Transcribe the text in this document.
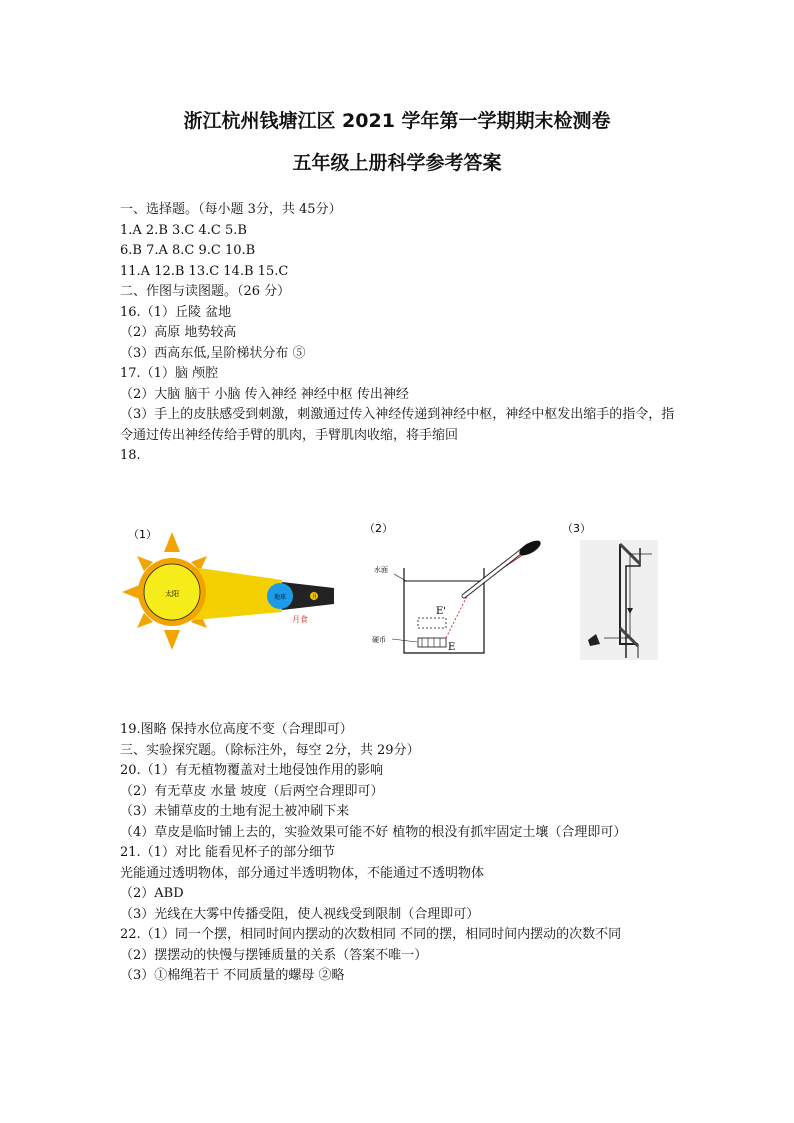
浙江杭州钱塘江区 2021 学年第一学期期末检测卷
五年级上册科学参考答案
一、选择题。（每小题 3分，共 45分）
1.A 2.B 3.C 4.C 5.B
6.B 7.A 8.C 9.C 10.B
11.A 12.B 13.C 14.B 15.C
二、作图与读图题。（26 分）
16.（1）丘陵 盆地
（2）高原 地势较高
（3）西高东低,呈阶梯状分布 ⑤
17.（1）脑 颅腔
（2）大脑 脑干 小脑 传入神经 神经中枢 传出神经
（3）手上的皮肤感受到刺激，刺激通过传入神经传递到神经中枢，神经中枢发出缩手的指令，指令通过传出神经传给手臂的肌肉，手臂肌肉收缩，将手缩回
18.
（1）
太阳	地球	月
月食
（2）
水面
硬币
E'
E
（3）
19.图略 保持水位高度不变（合理即可）
三、实验探究题。（除标注外，每空 2分，共 29分）
20.（1）有无植物覆盖对土地侵蚀作用的影响
（2）有无草皮 水量 坡度（后两空合理即可）
（3）未铺草皮的土地有泥土被冲刷下来
（4）草皮是临时铺上去的，实验效果可能不好 植物的根没有抓牢固定土壤（合理即可）
21.（1）对比 能看见杯子的部分细节
光能通过透明物体，部分通过半透明物体，不能通过不透明物体
（2）ABD
（3）光线在大雾中传播受阻，使人视线受到限制（合理即可）
22.（1）同一个摆，相同时间内摆动的次数相同 不同的摆，相同时间内摆动的次数不同
（2）摆摆动的快慢与摆锤质量的关系（答案不唯一）
（3）①棉绳若干 不同质量的螺母 ②略
